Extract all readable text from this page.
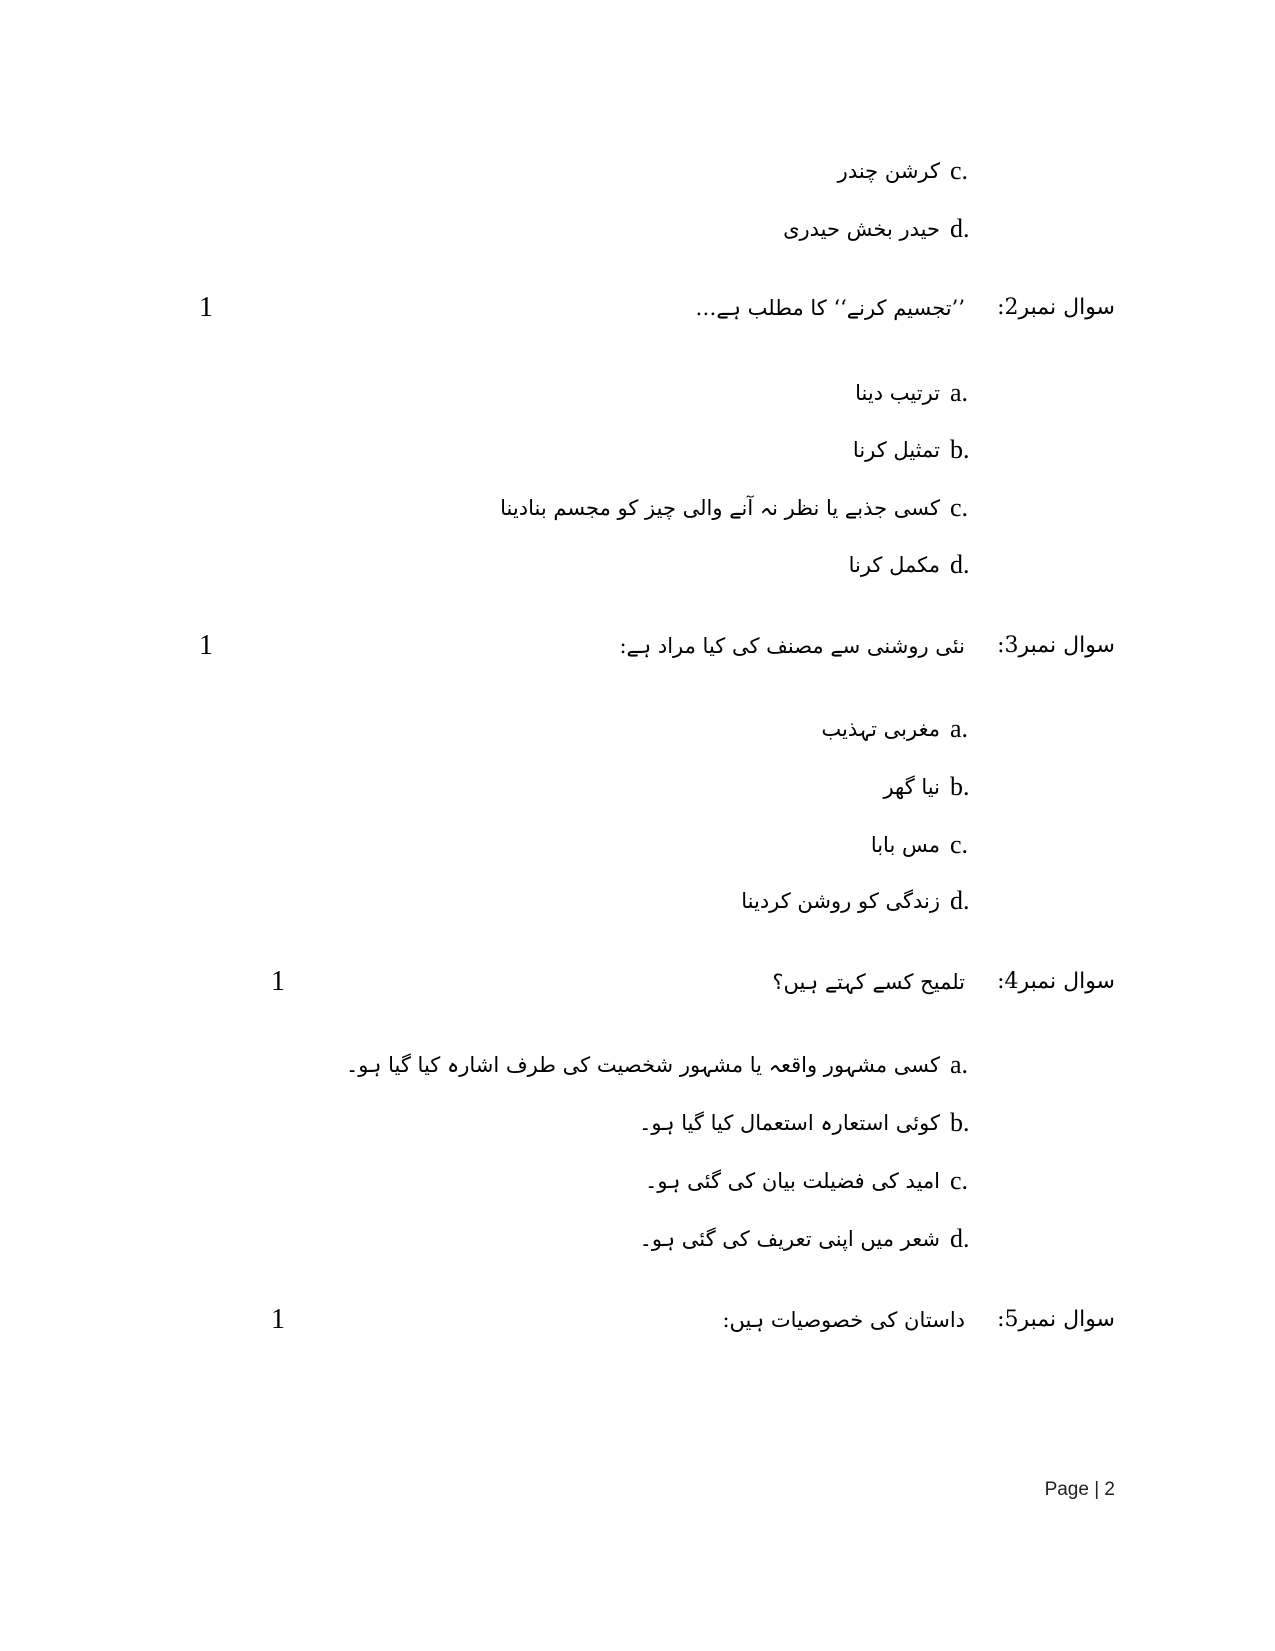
c.
کرشن چندر
d.
حیدر بخش حیدری
سوال نمبر2:
’’تجسیم کرنے‘‘ کا مطلب ہے…
1
a.
ترتیب دینا
b.
تمثیل کرنا
c.
کسی جذبے یا نظر نہ آنے والی چیز کو مجسم بنادینا
d.
مکمل کرنا
سوال نمبر3:
نئی روشنی سے مصنف کی کیا مراد ہے:
1
a.
مغربی تہذیب
b.
نیا گھر
c.
مس بابا
d.
زندگی کو روشن کردینا
سوال نمبر4:
تلمیح کسے کہتے ہیں؟
1
a.
کسی مشہور واقعہ یا مشہور شخصیت کی طرف اشارہ کیا گیا ہو۔
b.
کوئی استعارہ استعمال کیا گیا ہو۔
c.
امید کی فضیلت بیان کی گئی ہو۔
d.
شعر میں اپنی تعریف کی گئی ہو۔
سوال نمبر5:
داستان کی خصوصیات ہیں:
1
Page | 2
